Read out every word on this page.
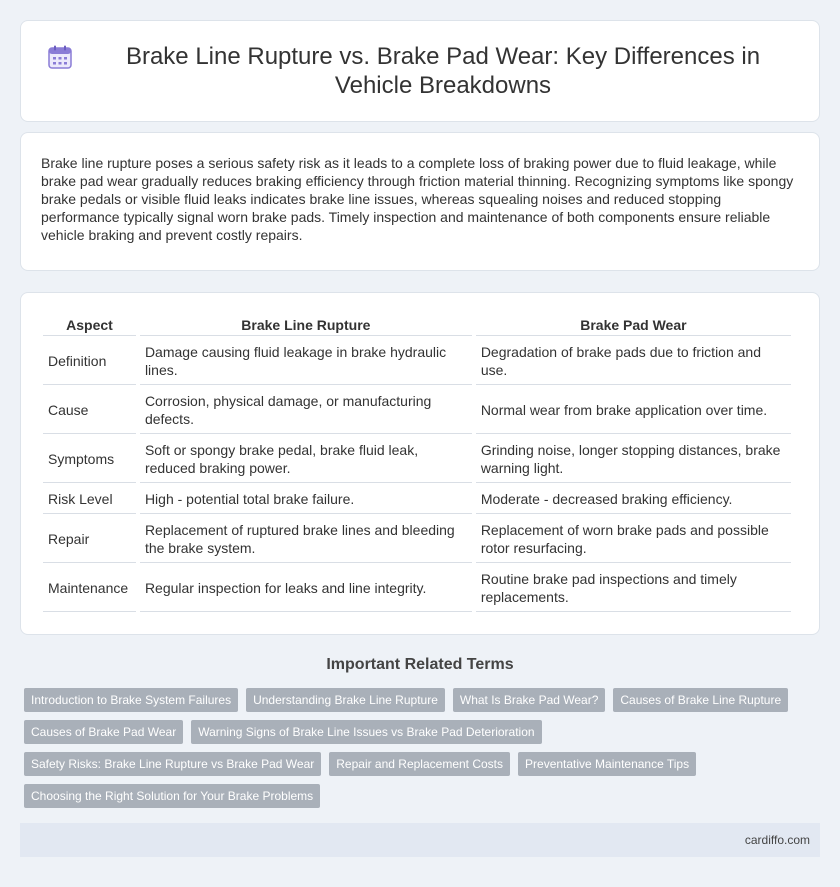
Brake Line Rupture vs. Brake Pad Wear: Key Differences in Vehicle Breakdowns

Brake line rupture poses a serious safety risk as it leads to a complete loss of braking power due to fluid leakage, while brake pad wear gradually reduces braking efficiency through friction material thinning. Recognizing symptoms like spongy brake pedals or visible fluid leaks indicates brake line issues, whereas squealing noises and reduced stopping performance typically signal worn brake pads. Timely inspection and maintenance of both components ensure reliable vehicle braking and prevent costly repairs.

Aspect	Brake Line Rupture	Brake Pad Wear
Definition	Damage causing fluid leakage in brake hydraulic lines.	Degradation of brake pads due to friction and use.
Cause	Corrosion, physical damage, or manufacturing defects.	Normal wear from brake application over time.
Symptoms	Soft or spongy brake pedal, brake fluid leak, reduced braking power.	Grinding noise, longer stopping distances, brake warning light.
Risk Level	High - potential total brake failure.	Moderate - decreased braking efficiency.
Repair	Replacement of ruptured brake lines and bleeding the brake system.	Replacement of worn brake pads and possible rotor resurfacing.
Maintenance	Regular inspection for leaks and line integrity.	Routine brake pad inspections and timely replacements.
Important Related Terms
Introduction to Brake System Failures	Understanding Brake Line Rupture	What Is Brake Pad Wear?	Causes of Brake Line Rupture
Causes of Brake Pad Wear	Warning Signs of Brake Line Issues vs Brake Pad Deterioration
Safety Risks: Brake Line Rupture vs Brake Pad Wear	Repair and Replacement Costs	Preventative Maintenance Tips
Choosing the Right Solution for Your Brake Problems
cardiffo.com
